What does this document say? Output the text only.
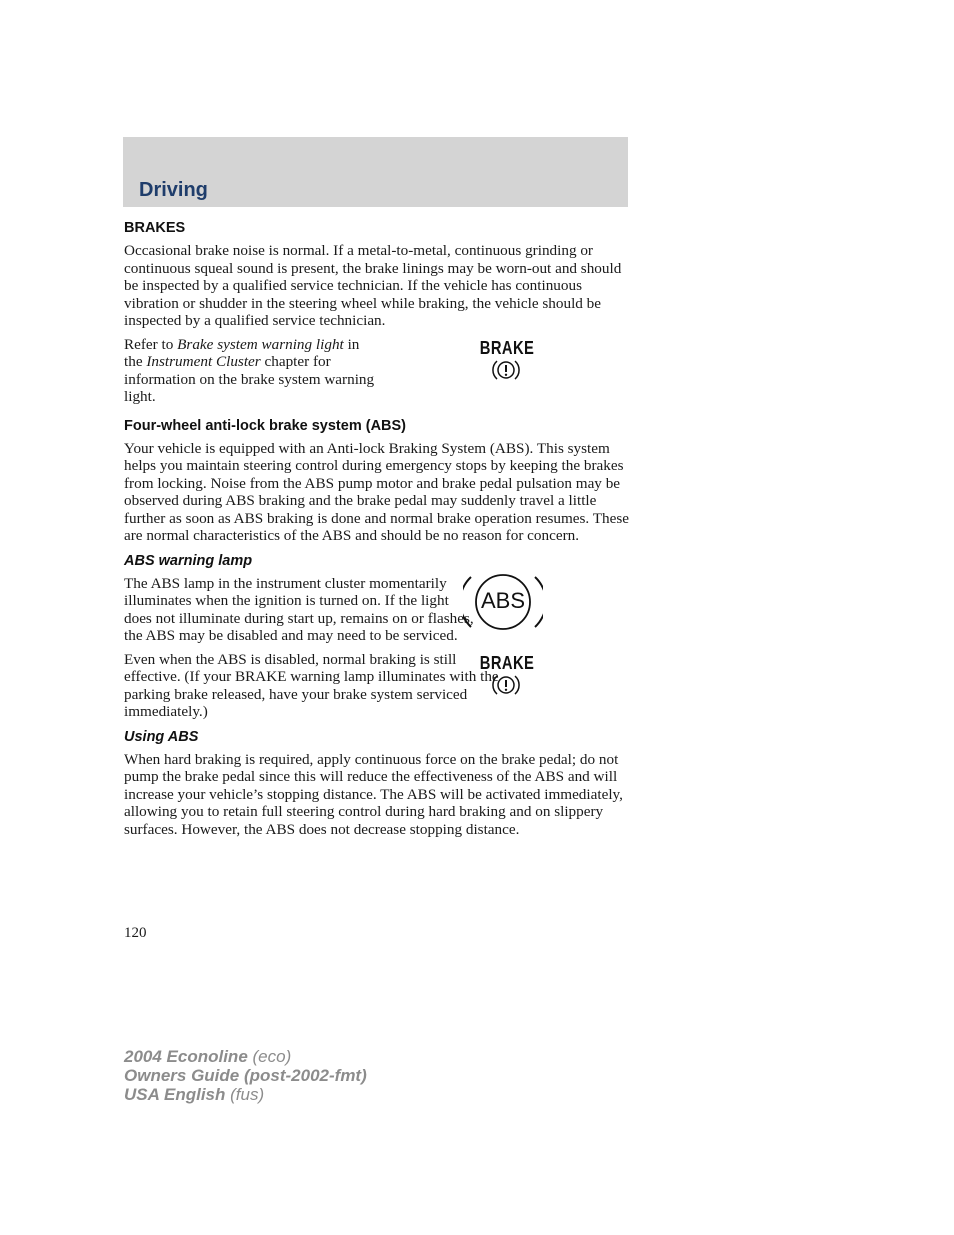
Driving
BRAKES

Occasional brake noise is normal. If a metal-to-metal, continuous grinding or continuous squeal sound is present, the brake linings may be worn-out and should be inspected by a qualified service technician. If the vehicle has continuous vibration or shudder in the steering wheel while braking, the vehicle should be inspected by a qualified service technician.

Refer to Brake system warning light in the Instrument Cluster chapter for information on the brake system warning light.

BRAKE
Four-wheel anti-lock brake system (ABS)

Your vehicle is equipped with an Anti-lock Braking System (ABS). This system helps you maintain steering control during emergency stops by keeping the brakes from locking. Noise from the ABS pump motor and brake pedal pulsation may be observed during ABS braking and the brake pedal may suddenly travel a little further as soon as ABS braking is done and normal brake operation resumes. These are normal characteristics of the ABS and should be no reason for concern.

ABS warning lamp

The ABS lamp in the instrument cluster momentarily illuminates when the ignition is turned on. If the light does not illuminate during start up, remains on or flashes, the ABS may be disabled and may need to be serviced.

ABS

Even when the ABS is disabled, normal braking is still effective. (If your BRAKE warning lamp illuminates with the parking brake released, have your brake system serviced immediately.)

BRAKE
Using ABS

When hard braking is required, apply continuous force on the brake pedal; do not pump the brake pedal since this will reduce the effectiveness of the ABS and will increase your vehicle’s stopping distance. The ABS will be activated immediately, allowing you to retain full steering control during hard braking and on slippery surfaces. However, the ABS does not decrease stopping distance.

120
2004 Econoline (eco)
Owners Guide (post-2002-fmt)
USA English (fus)
